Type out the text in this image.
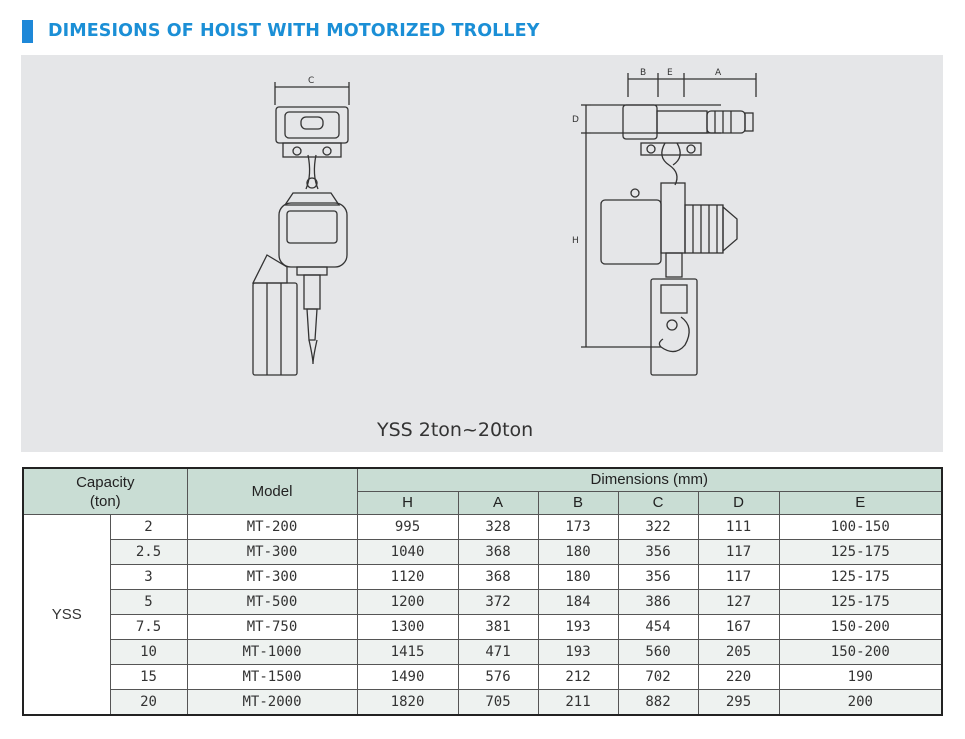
DIMESIONS OF HOIST WITH MOTORIZED TROLLEY
C
B E	A
D
H
YSS 2ton~20ton
Capacity
(ton)		Model	Dimensions (mm)					
			H	A	B	C	D	E
YSS	2	MT-200	995	328	173	322	111	100-150
	2.5	MT-300	1040	368	180	356	117	125-175
	3	MT-300	1120	368	180	356	117	125-175
	5	MT-500	1200	372	184	386	127	125-175
	7.5	MT-750	1300	381	193	454	167	150-200
	10	MT-1000	1415	471	193	560	205	150-200
	15	MT-1500	1490	576	212	702	220	190
	20	MT-2000	1820	705	211	882	295	200
